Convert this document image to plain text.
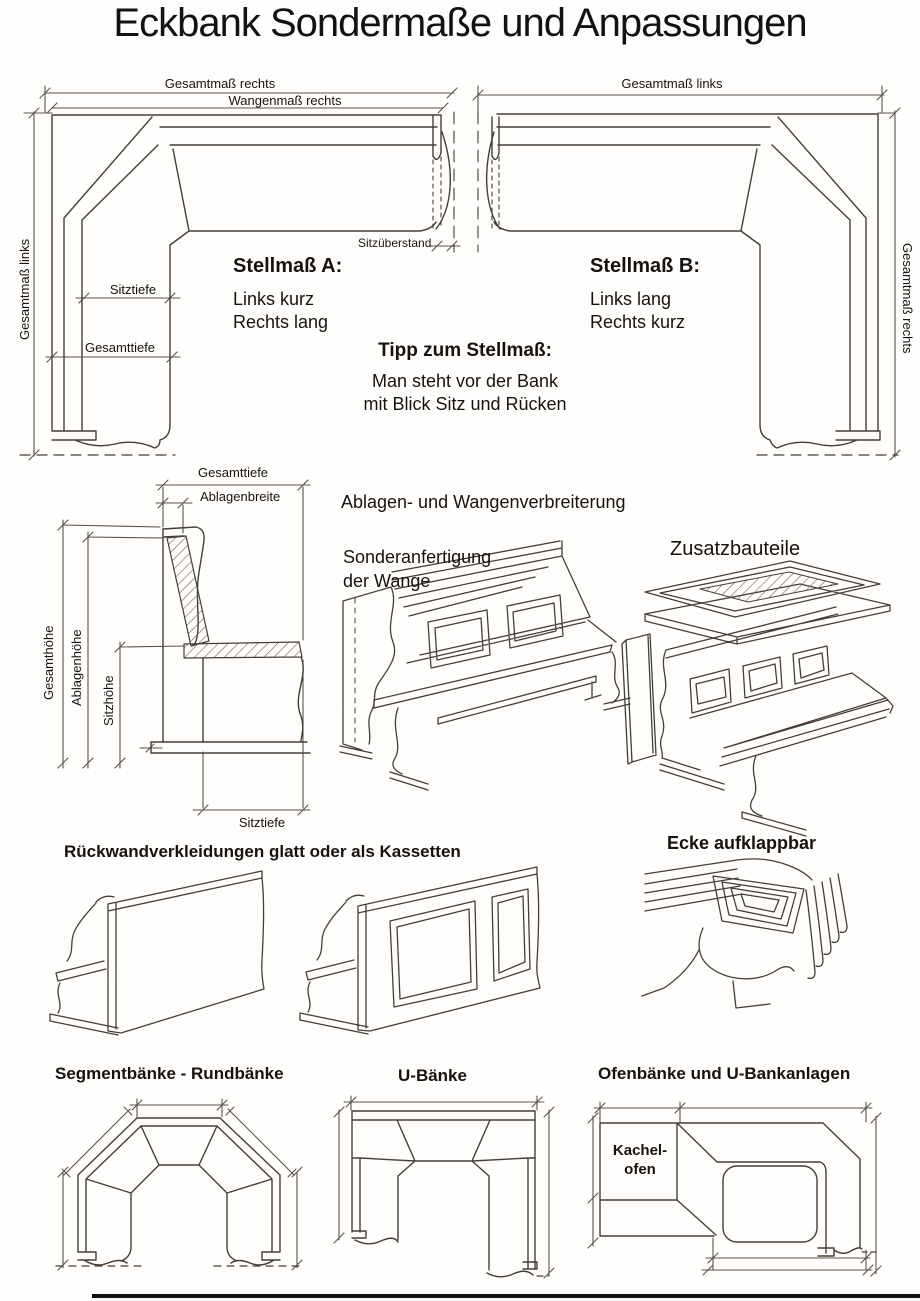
Eckbank Sondermaße und Anpassungen
Gesamtmaß rechts
Wangenmaß rechts
Gesamtmaß links	Sitztiefe
Gesamttiefe
Sitzüberstand
Stellmaß A:
Links kurz
Rechts lang
Gesamtmaß links
Gesamtmaß rechts
Stellmaß B:
Links lang
Rechts kurz
Tipp zum Stellmaß:
Man steht vor der Bank
mit Blick Sitz und Rücken
Gesamttiefe
Ablagenbreite
Gesamthöhe Ablagenhöhe Sitzhöhe
Sitztiefe
Ablagen- und Wangenverbreiterung
Sonderanfertigung
der Wange
Zusatzbauteile
Rückwandverkleidungen glatt oder als Kassetten	Ecke aufklappbar
Segmentbänke - Rundbänke	U-Bänke	Ofenbänke und U-Bankanlagen
Kachel-
ofen
